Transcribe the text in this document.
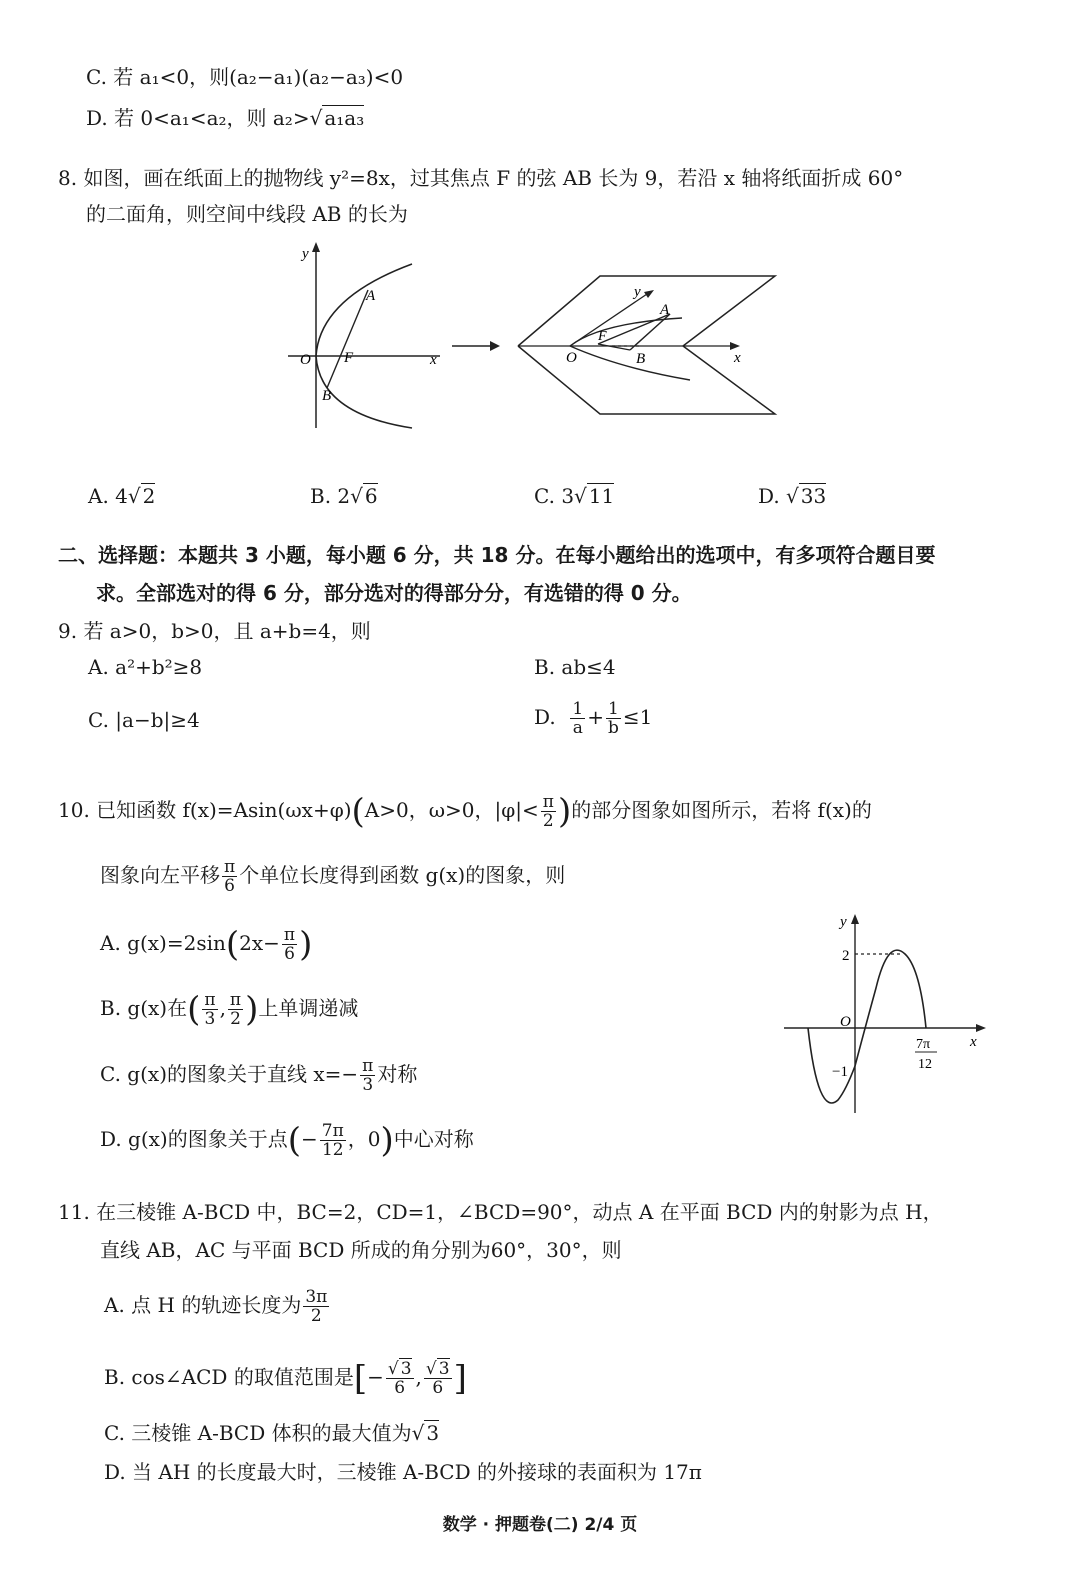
C. 若 a₁<0，则(a₂−a₁)(a₂−a₃)<0
D. 若 0<a₁<a₂，则 a₂>√ a₁a₃
8. 如图，画在纸面上的抛物线 y²=8x，过其焦点 F 的弦 AB 长为 9，若沿 x 轴将纸面折成 60°
的二面角，则空间中线段 AB 的长为
y
A
O F	x
B
y
A
F
O	B	x
A. 4√ 2	B. 2√ 6	C. 3√ 11	D. √ 33
二、选择题：本题共 3 小题，每小题 6 分，共 18 分。在每小题给出的选项中，有多项符合题目要
求。全部选对的得 6 分，部分选对的得部分分，有选错的得 0 分。
9. 若 a>0，b>0，且 a+b=4，则
A. a²+b²≥8	B. ab≤4
C. |a−b|≥4	D. $\frac{1}{a} + \frac{1}{b} \le 1$
10. 已知函数 f(x)=Asin(ωx+φ)(A>0，ω>0，$|\varphi|< \frac{\pi}{2}$ )的部分图象如图所示，若将 f(x)的
图象向左平移 $\frac{\pi}{6}$ 个单位长度得到函数 g(x)的图象，则
A. $g(x)=2\sin(2x- \frac{\pi}{6}$ )
B. g(x)在( $\frac{\pi}{3}$ , $\frac{\pi}{2}$ )上单调递减
C. g(x)的图象关于直线 $x=- \frac{\pi}{3}$ 对称
D. g(x)的图象关于点(− $\frac{7\pi}{12}$ ，0)中心对称
y
2
O
−1
x
7π
12
11. 在三棱锥 A-BCD 中，BC=2，CD=1，∠BCD=90°，动点 A 在平面 BCD 内的射影为点 H，
直线 AB，AC 与平面 BCD 所成的角分别为60°，30°，则
A. 点 H 的轨迹长度为 $\frac{3\pi}{2}$
B. cos∠ACD 的取值范围是[− $\frac{√ 3}{6}$ , $\frac{√ 3}{6}$ ]
C. 三棱锥 A-BCD 体积的最大值为√ 3
D. 当 AH 的长度最大时，三棱锥 A-BCD 的外接球的表面积为 17π
数学 · 押题卷(二) 2/4 页
